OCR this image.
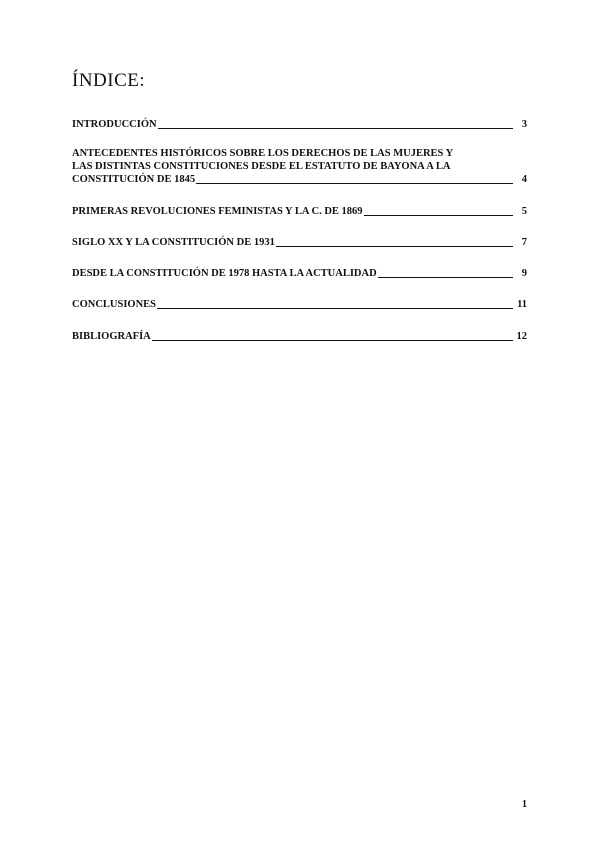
ÍNDICE:
INTRODUCCIÓN	3
ANTECEDENTES HISTÓRICOS SOBRE LOS DERECHOS DE LAS MUJERES Y
LAS DISTINTAS CONSTITUCIONES DESDE EL ESTATUTO DE BAYONA A LA
CONSTITUCIÓN DE 1845	4
PRIMERAS REVOLUCIONES FEMINISTAS Y LA C. DE 1869	5
SIGLO XX Y LA CONSTITUCIÓN DE 1931	7
DESDE LA CONSTITUCIÓN DE 1978 HASTA LA ACTUALIDAD	9
CONCLUSIONES	11
BIBLIOGRAFÍA	12
1
